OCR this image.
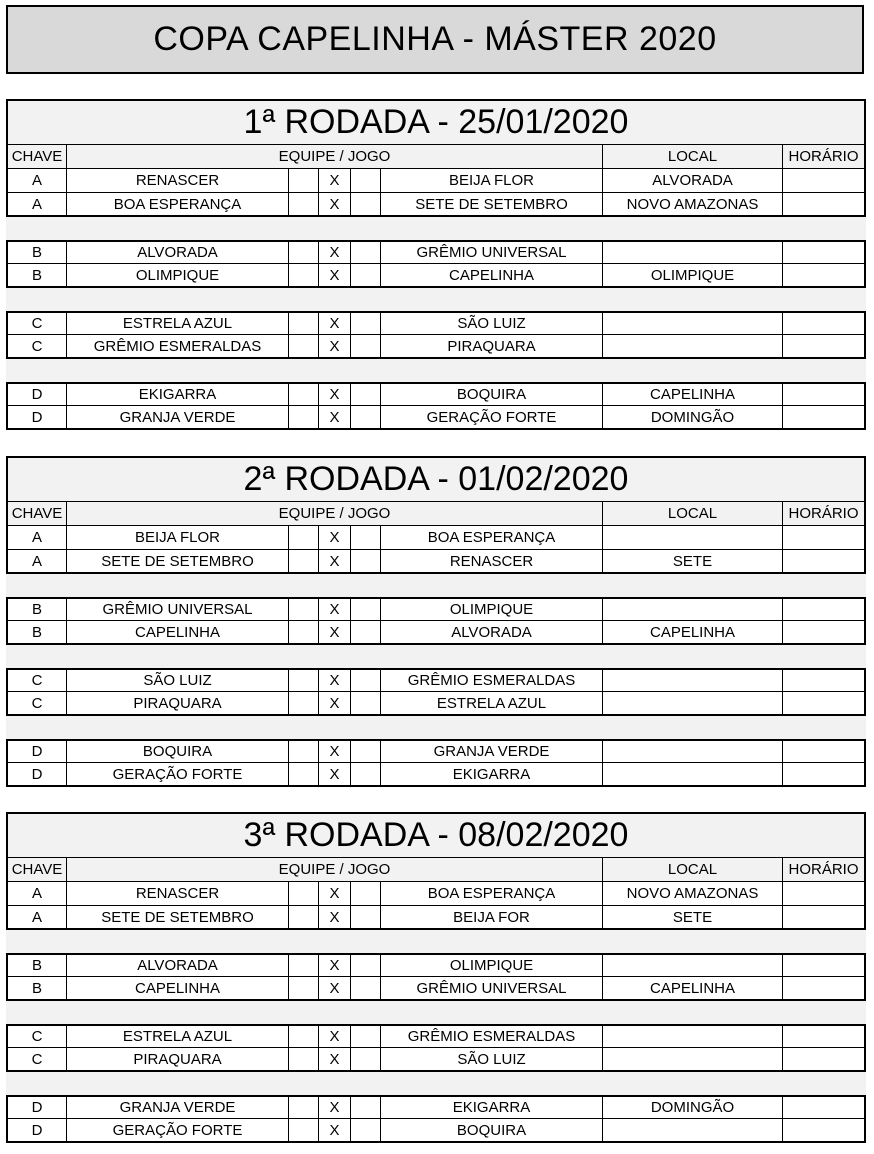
COPA CAPELINHA - MÁSTER 2020
1ª RODADA - 25/01/2020
CHAVE	EQUIPE / JOGO	LOCAL	HORÁRIO
A	RENASCER	X	BEIJA FLOR	ALVORADA
A	BOA ESPERANÇA	X	SETE DE SETEMBRO	NOVO AMAZONAS
B	ALVORADA	X	GRÊMIO UNIVERSAL
B	OLIMPIQUE	X	CAPELINHA	OLIMPIQUE
C	ESTRELA AZUL	X	SÃO LUIZ
C	GRÊMIO ESMERALDAS	X	PIRAQUARA
D	EKIGARRA	X	BOQUIRA	CAPELINHA
D	GRANJA VERDE	X	GERAÇÃO FORTE	DOMINGÃO
2ª RODADA - 01/02/2020
CHAVE	EQUIPE / JOGO	LOCAL	HORÁRIO
A	BEIJA FLOR	X	BOA ESPERANÇA
A	SETE DE SETEMBRO	X	RENASCER	SETE
B	GRÊMIO UNIVERSAL	X	OLIMPIQUE
B	CAPELINHA	X	ALVORADA	CAPELINHA
C	SÃO LUIZ	X	GRÊMIO ESMERALDAS
C	PIRAQUARA	X	ESTRELA AZUL
D	BOQUIRA	X	GRANJA VERDE
D	GERAÇÃO FORTE	X	EKIGARRA
3ª RODADA - 08/02/2020
CHAVE	EQUIPE / JOGO	LOCAL	HORÁRIO
A	RENASCER	X	BOA ESPERANÇA	NOVO AMAZONAS
A	SETE DE SETEMBRO	X	BEIJA FOR	SETE
B	ALVORADA	X	OLIMPIQUE
B	CAPELINHA	X	GRÊMIO UNIVERSAL	CAPELINHA
C	ESTRELA AZUL	X	GRÊMIO ESMERALDAS
C	PIRAQUARA	X	SÃO LUIZ
D	GRANJA VERDE	X	EKIGARRA	DOMINGÃO
D	GERAÇÃO FORTE	X	BOQUIRA
